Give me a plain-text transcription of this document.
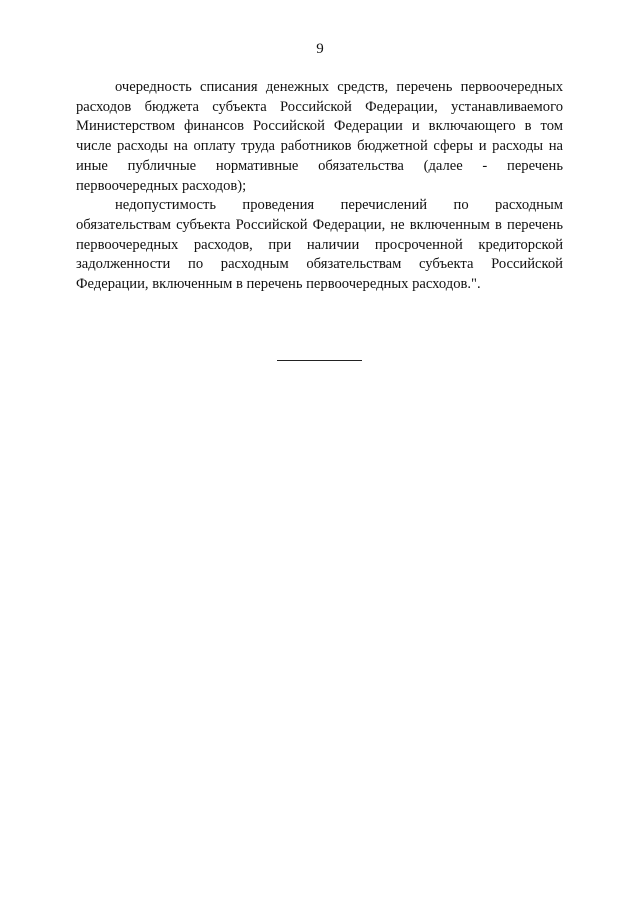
9

очередность списания денежных средств, перечень первоочередных расходов бюджета субъекта Российской Федерации, устанавливаемого Министерством финансов Российской Федерации и включающего в том числе расходы на оплату труда работников бюджетной сферы и расходы на иные публичные нормативные обязательства (далее - перечень первоочередных расходов);

недопустимость проведения перечислений по расходным обязательствам субъекта Российской Федерации, не включенным в перечень первоочередных расходов, при наличии просроченной кредиторской задолженности по расходным обязательствам субъекта Российской Федерации, включенным в перечень первоочередных расходов.".
